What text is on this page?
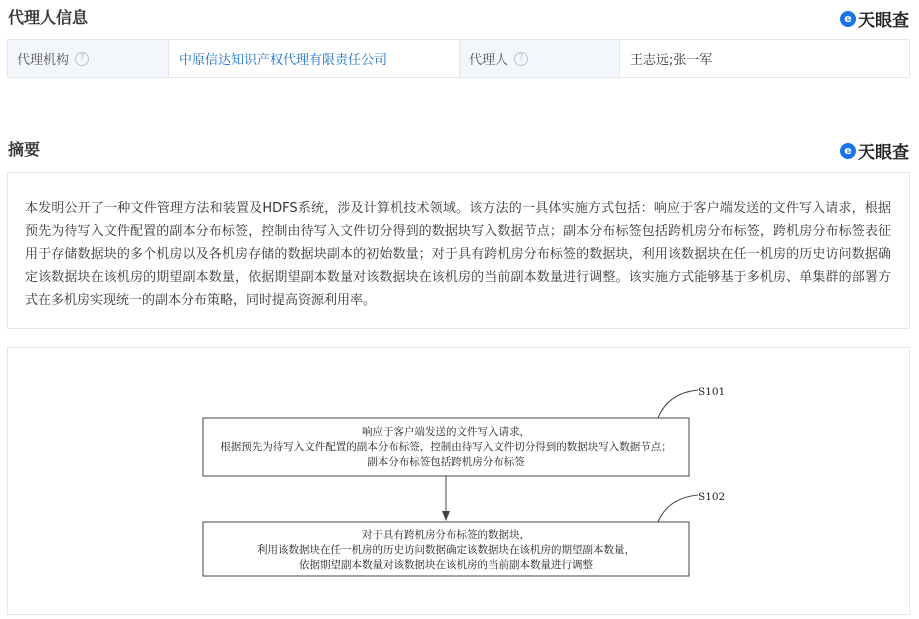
代理人信息	e 天眼查
代理机构	?	中原信达知识产权代理有限责任公司	代理人	?	王志远;张一军
摘要	e 天眼查
本发明公开了一种文件管理方法和装置及HDFS系统，涉及计算机技术领域。该方法的一具体实施方式包括：响应于客户端发送的文件写入请求，根据预先为待写入文件配置的副本分布标签，控制由待写入文件切分得到的数据块写入数据节点；副本分布标签包括跨机房分布标签，跨机房分布标签表征用于存储数据块的多个机房以及各机房存储的数据块副本的初始数量；对于具有跨机房分布标签的数据块，利用该数据块在任一机房的历史访问数据确定该数据块在该机房的期望副本数量，依据期望副本数量对该数据块在该机房的当前副本数量进行调整。该实施方式能够基于多机房、单集群的部署方式在多机房实现统一的副本分布策略，同时提高资源利用率。
响应于客户端发送的文件写入请求，
根据预先为待写入文件配置的副本分布标签，控制由待写入文件切分得到的数据块写入数据节点；
副本分布标签包括跨机房分布标签
S101
对于具有跨机房分布标签的数据块，
利用该数据块在任一机房的历史访问数据确定该数据块在该机房的期望副本数量，
依据期望副本数量对该数据块在该机房的当前副本数量进行调整
S102
